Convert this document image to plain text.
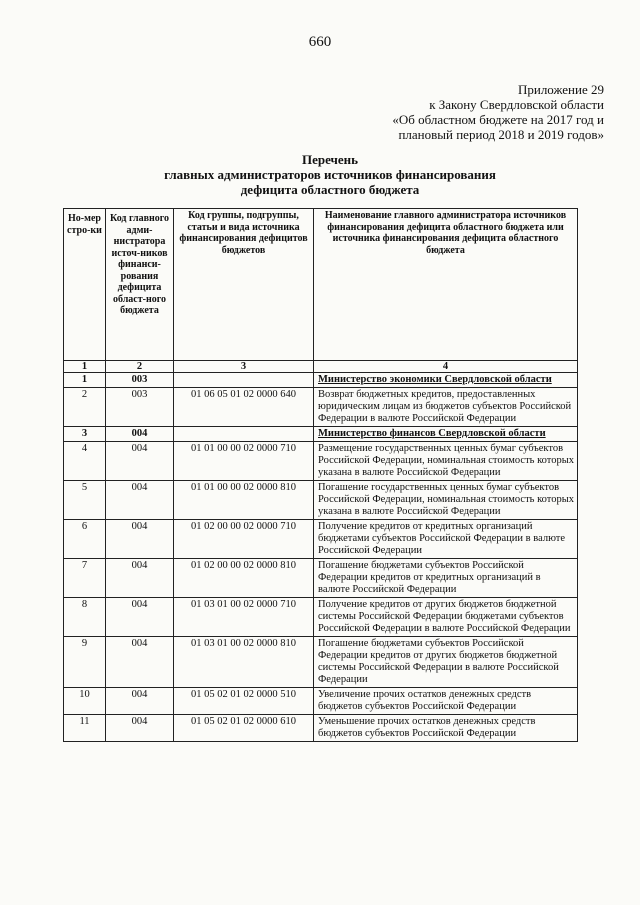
660
Приложение 29
к Закону Свердловской области
«Об областном бюджете на 2017 год и
плановый период 2018 и 2019 годов»
Перечень
главных администраторов источников финансирования
дефицита областного бюджета
Но-мер стро-ки	Код главного адми-нистратора источ-ников финанси-рования дефицита област-ного бюджета	Код группы, подгруппы, статьи и вида источника финансирования дефицитов бюджетов	Наименование главного администратора источников финансирования дефицита областного бюджета или источника финансирования дефицита областного бюджета
1	2	3	4
1	003		Министерство экономики Свердловской области
2	003	01 06 05 01 02 0000 640	Возврат бюджетных кредитов, предоставленных юридическим лицам из бюджетов субъектов Российской Федерации в валюте Российской Федерации
3	004		Министерство финансов Свердловской области
4	004	01 01 00 00 02 0000 710	Размещение государственных ценных бумаг субъектов Российской Федерации, номинальная стоимость которых указана в валюте Российской Федерации
5	004	01 01 00 00 02 0000 810	Погашение государственных ценных бумаг субъектов Российской Федерации, номинальная стоимость которых указана в валюте Российской Федерации
6	004	01 02 00 00 02 0000 710	Получение кредитов от кредитных организаций бюджетами субъектов Российской Федерации в валюте Российской Федерации
7	004	01 02 00 00 02 0000 810	Погашение бюджетами субъектов Российской Федерации кредитов от кредитных организаций в валюте Российской Федерации
8	004	01 03 01 00 02 0000 710	Получение кредитов от других бюджетов бюджетной системы Российской Федерации бюджетами субъектов Российской Федерации в валюте Российской Федерации
9	004	01 03 01 00 02 0000 810	Погашение бюджетами субъектов Российской Федерации кредитов от других бюджетов бюджетной системы Российской Федерации в валюте Российской Федерации
10	004	01 05 02 01 02 0000 510	Увеличение прочих остатков денежных средств бюджетов субъектов Российской Федерации
11	004	01 05 02 01 02 0000 610	Уменьшение прочих остатков денежных средств бюджетов субъектов Российской Федерации
